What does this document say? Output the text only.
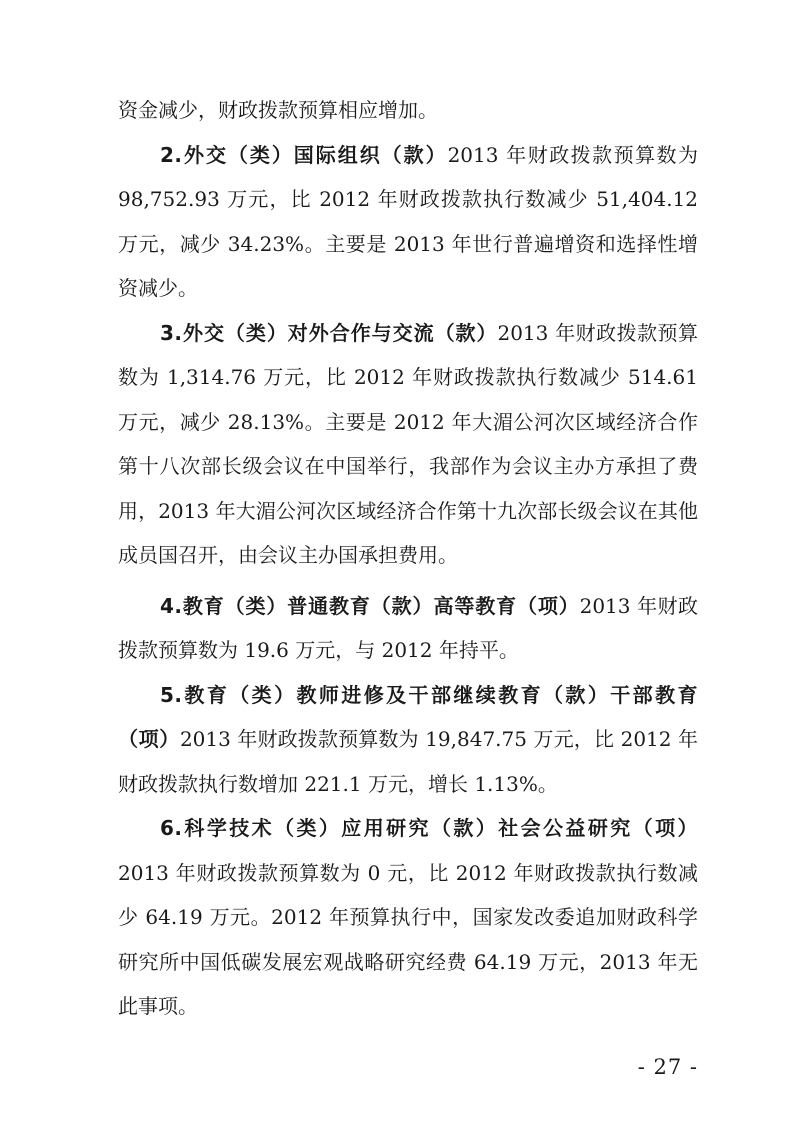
资金减少，财政拨款预算相应增加。

2.外交（类）国际组织（款）2013 年财政拨款预算数为 98,752.93 万元，比 2012 年财政拨款执行数减少 51,404.12 万元，减少 34.23%。主要是 2013 年世行普遍增资和选择性增资减少。

3.外交（类）对外合作与交流（款）2013 年财政拨款预算数为 1,314.76 万元，比 2012 年财政拨款执行数减少 514.61 万元，减少 28.13%。主要是 2012 年大湄公河次区域经济合作第十八次部长级会议在中国举行，我部作为会议主办方承担了费用，2013 年大湄公河次区域经济合作第十九次部长级会议在其他成员国召开，由会议主办国承担费用。

4.教育（类）普通教育（款）高等教育（项）2013 年财政拨款预算数为 19.6 万元，与 2012 年持平。

5.教育（类）教师进修及干部继续教育（款）干部教育（项）2013 年财政拨款预算数为 19,847.75 万元，比 2012 年财政拨款执行数增加 221.1 万元，增长 1.13%。

6.科学技术（类）应用研究（款）社会公益研究（项）2013 年财政拨款预算数为 0 元，比 2012 年财政拨款执行数减少 64.19 万元。2012 年预算执行中，国家发改委追加财政科学研究所中国低碳发展宏观战略研究经费 64.19 万元，2013 年无此事项。

- 27 -
